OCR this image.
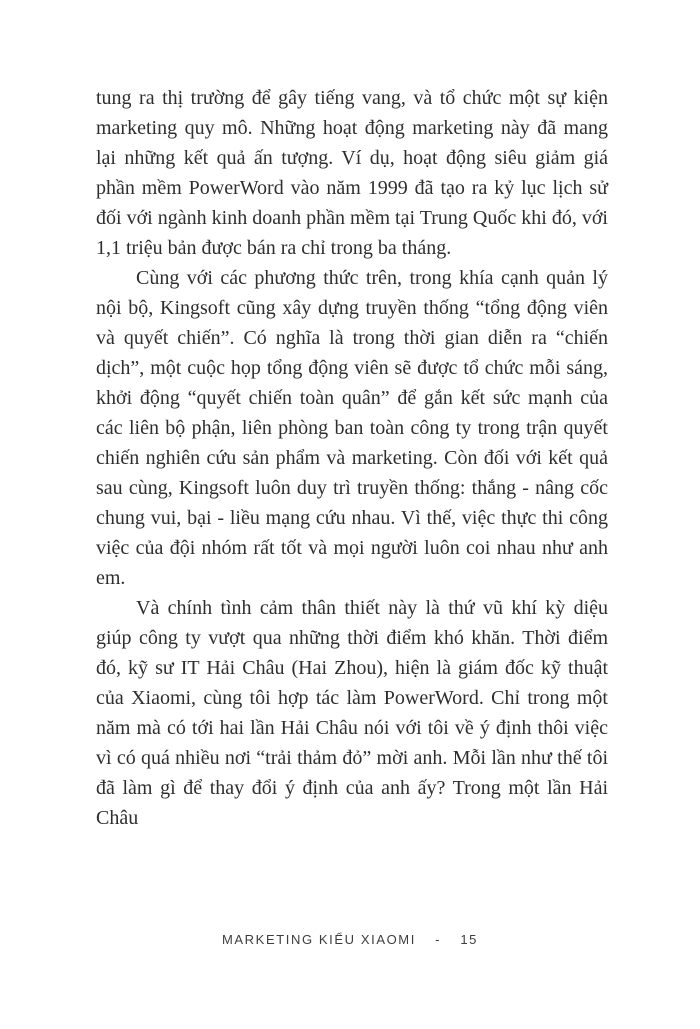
tung ra thị trường để gây tiếng vang, và tổ chức một sự kiện marketing quy mô. Những hoạt động marketing này đã mang lại những kết quả ấn tượng. Ví dụ, hoạt động siêu giảm giá phần mềm PowerWord vào năm 1999 đã tạo ra kỷ lục lịch sử đối với ngành kinh doanh phần mềm tại Trung Quốc khi đó, với 1,1 triệu bản được bán ra chỉ trong ba tháng.

Cùng với các phương thức trên, trong khía cạnh quản lý nội bộ, Kingsoft cũng xây dựng truyền thống “tổng động viên và quyết chiến”. Có nghĩa là trong thời gian diễn ra “chiến dịch”, một cuộc họp tổng động viên sẽ được tổ chức mỗi sáng, khởi động “quyết chiến toàn quân” để gắn kết sức mạnh của các liên bộ phận, liên phòng ban toàn công ty trong trận quyết chiến nghiên cứu sản phẩm và marketing. Còn đối với kết quả sau cùng, Kingsoft luôn duy trì truyền thống: thắng - nâng cốc chung vui, bại - liều mạng cứu nhau. Vì thế, việc thực thi công việc của đội nhóm rất tốt và mọi người luôn coi nhau như anh em.

Và chính tình cảm thân thiết này là thứ vũ khí kỳ diệu giúp công ty vượt qua những thời điểm khó khăn. Thời điểm đó, kỹ sư IT Hải Châu (Hai Zhou), hiện là giám đốc kỹ thuật của Xiaomi, cùng tôi hợp tác làm PowerWord. Chỉ trong một năm mà có tới hai lần Hải Châu nói với tôi về ý định thôi việc vì có quá nhiều nơi “trải thảm đỏ” mời anh. Mỗi lần như thế tôi đã làm gì để thay đổi ý định của anh ấy? Trong một lần Hải Châu

MARKETING KIỂU XIAOMI - 15
